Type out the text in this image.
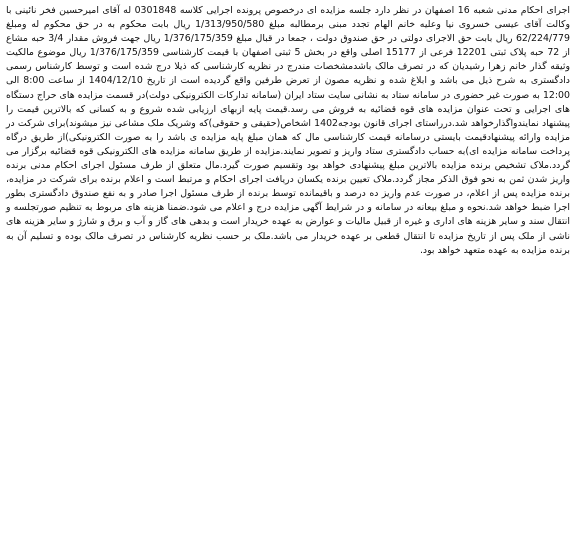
اجرای احکام مدنی شعبه 16 اصفهان در نظر دارد جلسه مزایده ای درخصوص پرونده اجرایی کلاسه 0301848 له آقای امیرحسین فخر نائینی با وکالت آقای عیسی خسروی نیا وعلیه خانم الهام تجدد مبنی برمطالبه مبلغ 1/313/950/580 ریال بابت محکوم به در حق محکوم له ومبلغ 62/224/779 ریال بابت حق الاجرای دولتی در حق صندوق دولت ، جمعا در قبال مبلغ 1/376/175/359 ریال جهت فروش مقدار 3/4 حبه مشاع از 72 حبه پلاک ثبتی 12201 فرعی از 15177 اصلی واقع در بخش 5 ثبتی اصفهان با قیمت کارشناسی 1/376/175/359 ریال موضوع مالکیت وثیقه گذار خانم زهرا رشیدیان که در تصرف مالک باشدمشخصات مندرج در نظریه کارشناسی که ذیلا درج شده است و توسط کارشناس رسمی دادگستری به شرح ذیل می باشد و ابلاغ شده و نظریه مصون از تعرض طرفین واقع گردیده است از تاریخ 1404/12/10 از ساعت 8:00 الی 12:00 به صورت غیر حضوری در سامانه ستاد به نشانی سایت ستاد ایران (سامانه تدارکات الکترونیکی دولت)در قسمت مزایده های حراج دستگاه های اجرایی و تحت عنوان مزایده های قوه قضائیه به فروش می رسد.قیمت پایه ازبهای ارزیابی شده شروع و به کسانی که بالاترین قیمت را پیشنهاد نمایندواگذارخواهد شد.درراستای اجرای قانون بودجه1402 اشخاص(حقیقی و حقوقی)که وشریک ملک مشاعی نیز میشوند)برای شرکت در مزایده وارائه پیشنهادقیمت بایستی درسامانه قیمت کارشناسی مال که همان مبلغ پایه مزایده ی باشد را به صورت الکترونیکی)از طریق درگاه پرداخت سامانه مزایده ای)به حساب دادگستری ستاد واریز و تصویر نمایند.مزایده از طریق سامانه مزایده های الکترونیکی قوه قضائیه برگزار می گردد.ملاک تشخیص برنده مزایده بالاترین مبلغ پیشنهادی خواهد بود وتقسیم صورت گیرد.مال متعلق از طرف مسئول اجرای احکام مدنی برنده واریز شدن ثمن به نحو فوق الذکر مجاز گردد.ملاک تعیین برنده یکسان دریافت اجرای احکام و مرتبط است و اعلام برنده برای شرکت در مزایده، برنده مزایده پس از اعلام، در صورت عدم واریز ده درصد و باقیمانده توسط برنده از طرف مسئول اجرا صادر و به نفع صندوق دادگستری بطور اجرا ضبط خواهد شد.نحوه و مبلغ بیعانه در سامانه و در شرایط آگهی مزایده درج و اعلام می شود.ضمنا هزینه های مربوط به تنظیم صورتجلسه و انتقال سند و سایر هزینه های اداری و غیره از قبیل مالیات و عوارض به عهده خریدار است و بدهی های گاز و آب و برق و شارژ و سایر هزینه های ناشی از ملک پس از تاریخ مزایده تا انتقال قطعی بر عهده خریدار می باشد.ملک بر حسب نظریه کارشناس در تصرف مالک بوده و تسلیم آن به برنده مزایده به عهده متعهد خواهد بود.
